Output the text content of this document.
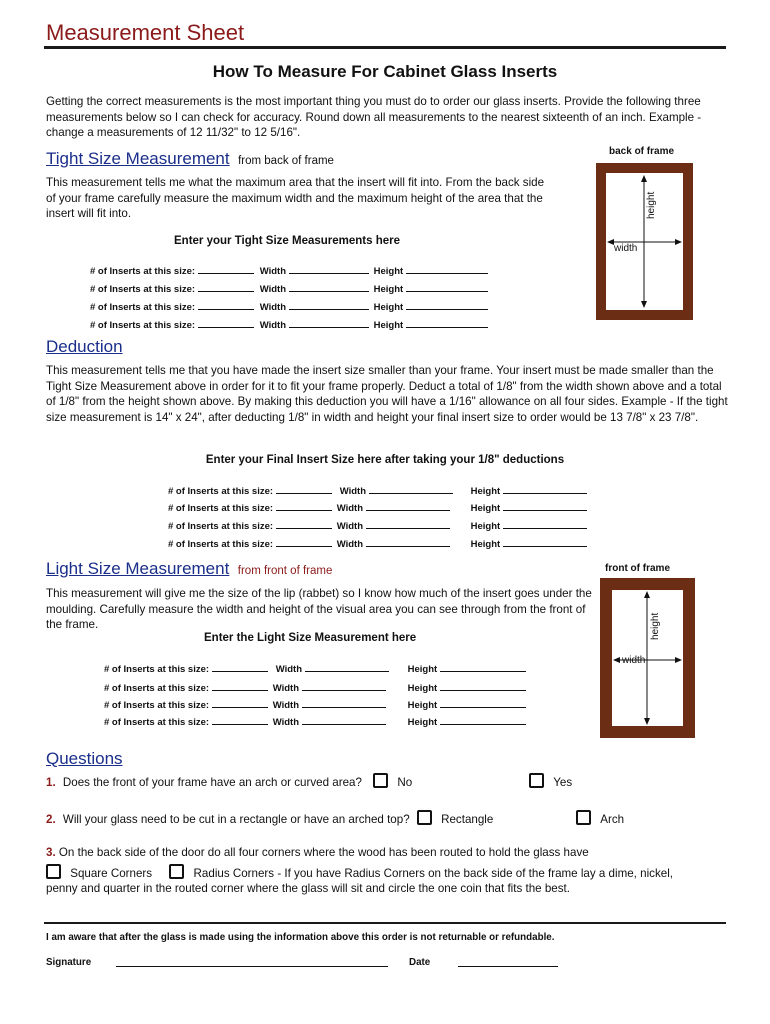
Measurement Sheet
How To Measure For Cabinet Glass Inserts
Getting the correct measurements is the most important thing you must do to order our glass inserts. Provide the following three measurements below so I can check for accuracy. Round down all measurements to the nearest sixteenth of an inch. Example - change a measurements of 12 11/32" to 12 5/16".
Tight Size Measurement from back of frame
This measurement tells me what the maximum area that the insert will fit into. From the back side of your frame carefully measure the maximum width and the maximum height of the area that the insert will fit into.
Enter your Tight Size Measurements here
back of frame
height
width
# of Inserts at this size:	Width	Height
# of Inserts at this size:	Width	Height
# of Inserts at this size:	Width	Height
# of Inserts at this size:	Width	Height
Deduction
This measurement tells me that you have made the insert size smaller than your frame. Your insert must be made smaller than the Tight Size Measurement above in order for it to fit your frame properly. Deduct a total of 1/8" from the width shown above and a total of 1/8" from the height shown above. By making this deduction you will have a 1/16" allowance on all four sides. Example - If the tight size measurement is 14" x 24", after deducting 1/8" in width and height your final insert size to order would be 13 7/8" x 23 7/8".
Enter your Final Insert Size here after taking your 1/8" deductions
# of Inserts at this size:	Width	Height
# of Inserts at this size:	Width	Height
# of Inserts at this size:	Width	Height
# of Inserts at this size:	Width	Height
Light Size Measurement from front of frame
This measurement will give me the size of the lip (rabbet) so I know how much of the insert goes under the moulding. Carefully measure the width and height of the visual area you can see through from the front of the frame.
Enter the Light Size Measurement here
front of frame
height
width
# of Inserts at this size:	Width	Height
# of Inserts at this size:	Width	Height
# of Inserts at this size:	Width	Height
# of Inserts at this size:	Width	Height
Questions
1. Does the front of your frame have an arch or curved area?	No	Yes
2. Will your glass need to be cut in a rectangle or have an arched top?	Rectangle	Arch
3. On the back side of the door do all four corners where the wood has been routed to hold the glass have
Square Corners	Radius Corners - If you have Radius Corners on the back side of the frame lay a dime, nickel,
penny and quarter in the routed corner where the glass will sit and circle the one coin that fits the best.
I am aware that after the glass is made using the information above this order is not returnable or refundable.
Signature	Date
